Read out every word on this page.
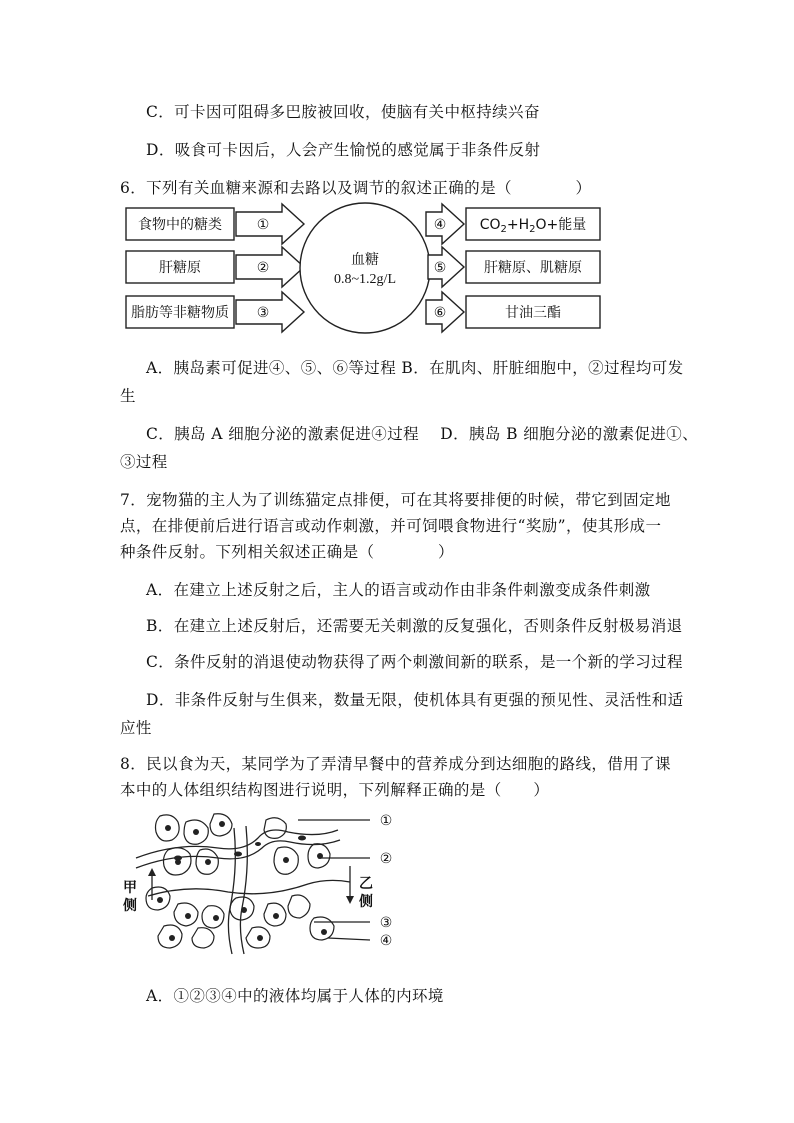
C．可卡因可阻碍多巴胺被回收，使脑有关中枢持续兴奋
D．吸食可卡因后，人会产生愉悦的感觉属于非条件反射
6．下列有关血糖来源和去路以及调节的叙述正确的是（　　　　）
食物中的糖类
肝糖原
脂肪等非糖物质
①
②
③
血糖
0.8~1.2g/L
④
⑤
⑥
$CO_2+H_2O+$能量
肝糖原、肌糖原
甘油三酯
A．胰岛素可促进④、⑤、⑥等过程 B．在肌肉、肝脏细胞中，②过程均可发
生
C．胰岛 A 细胞分泌的激素促进④过程　 D．胰岛 B 细胞分泌的激素促进①、
③过程
7．宠物猫的主人为了训练猫定点排便，可在其将要排便的时候，带它到固定地
点，在排便前后进行语言或动作刺激，并可饲喂食物进行“奖励”，使其形成一
种条件反射。下列相关叙述正确是（　　　　）
A．在建立上述反射之后，主人的语言或动作由非条件刺激变成条件刺激
B．在建立上述反射后，还需要无关刺激的反复强化，否则条件反射极易消退
C．条件反射的消退使动物获得了两个刺激间新的联系，是一个新的学习过程
D．非条件反射与生俱来，数量无限，使机体具有更强的预见性、灵活性和适
应性
8．民以食为天，某同学为了弄清早餐中的营养成分到达细胞的路线，借用了课
本中的人体组织结构图进行说明，下列解释正确的是（　　）
①
②
③
④
甲
侧
乙
侧
A．①②③④中的液体均属于人体的内环境
